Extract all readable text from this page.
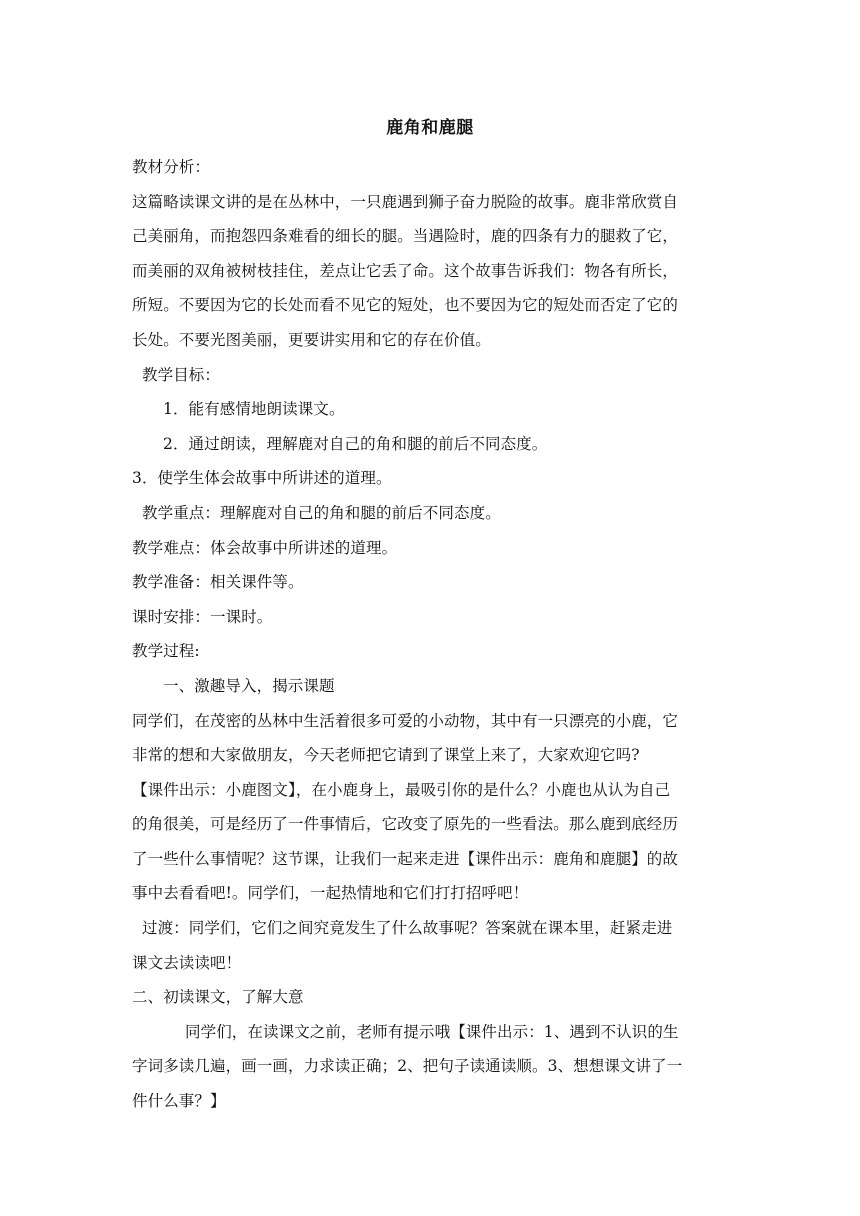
鹿角和鹿腿

教材分析：

这篇略读课文讲的是在丛林中，一只鹿遇到狮子奋力脱险的故事。鹿非常欣赏自

己美丽角，而抱怨四条难看的细长的腿。当遇险时，鹿的四条有力的腿救了它，

而美丽的双角被树枝挂住，差点让它丢了命。这个故事告诉我们：物各有所长，

所短。不要因为它的长处而看不见它的短处，也不要因为它的短处而否定了它的

长处。不要光图美丽，更要讲实用和它的存在价值。

教学目标：

1．能有感情地朗读课文。

2．通过朗读，理解鹿对自己的角和腿的前后不同态度。

3．使学生体会故事中所讲述的道理。

教学重点：理解鹿对自己的角和腿的前后不同态度。

教学难点：体会故事中所讲述的道理。

教学准备：相关课件等。

课时安排：一课时。

教学过程:

一、激趣导入，揭示课题

同学们，在茂密的丛林中生活着很多可爱的小动物，其中有一只漂亮的小鹿，它

非常的想和大家做朋友，今天老师把它请到了课堂上来了，大家欢迎它吗?

【课件出示：小鹿图文】，在小鹿身上，最吸引你的是什么？小鹿也从认为自己

的角很美，可是经历了一件事情后，它改变了原先的一些看法。那么鹿到底经历

了一些什么事情呢？这节课，让我们一起来走进【课件出示：鹿角和鹿腿】的故

事中去看看吧!。同学们，一起热情地和它们打打招呼吧！

过渡：同学们，它们之间究竟发生了什么故事呢？答案就在课本里，赶紧走进

课文去读读吧！

二、初读课文，了解大意

同学们，在读课文之前，老师有提示哦【课件出示：1、遇到不认识的生

字词多读几遍，画一画，力求读正确；2、把句子读通读顺。3、想想课文讲了一

件什么事？】
